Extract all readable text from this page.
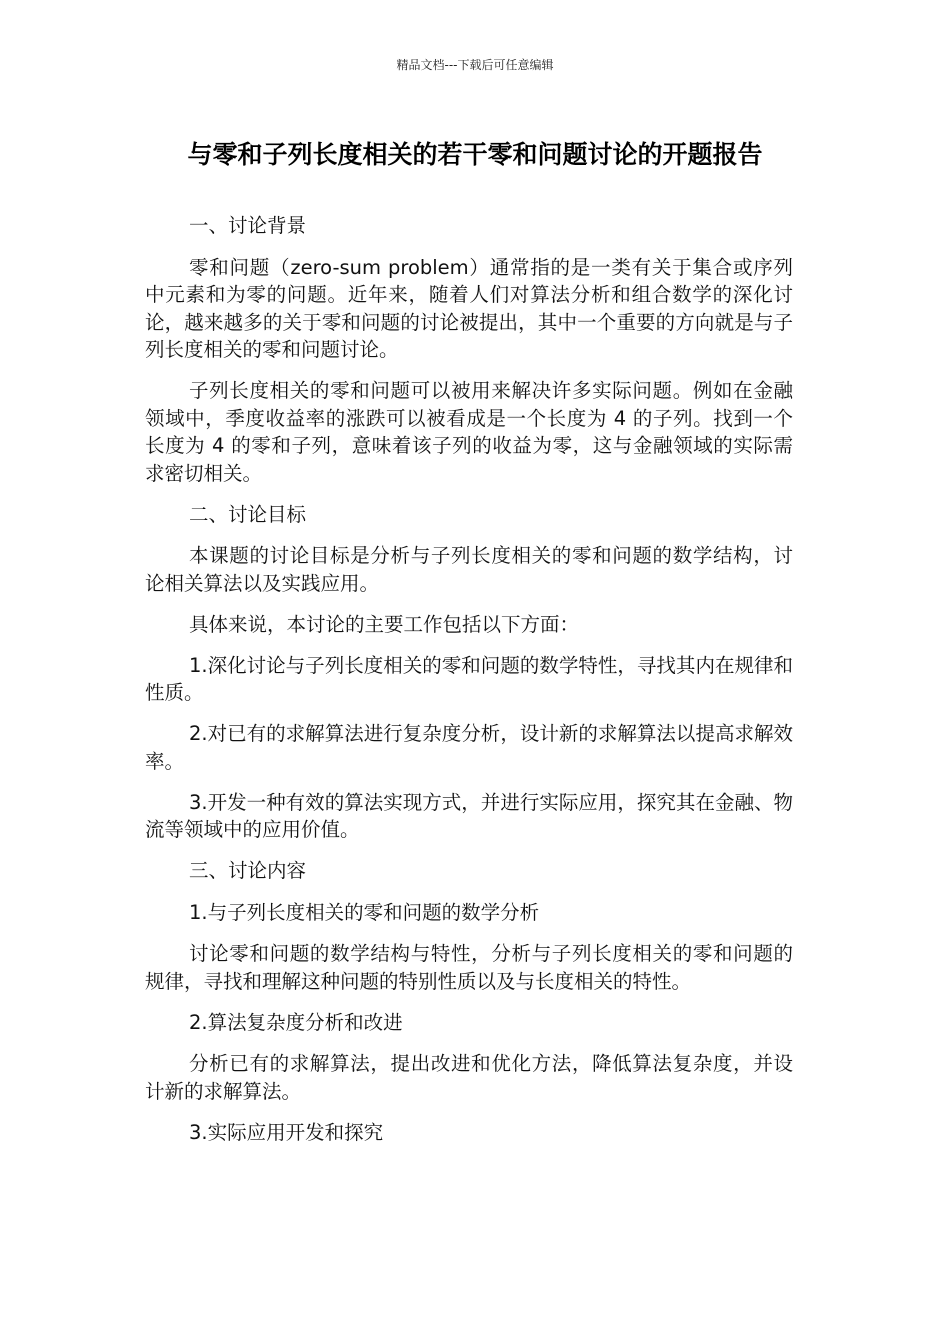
精品文档---下载后可任意编辑
与零和子列长度相关的若干零和问题讨论的开题报告

一、讨论背景

零和问题（zero-sum problem）通常指的是一类有关于集合或序列中元素和为零的问题。近年来，随着人们对算法分析和组合数学的深化讨论，越来越多的关于零和问题的讨论被提出，其中一个重要的方向就是与子列长度相关的零和问题讨论。

子列长度相关的零和问题可以被用来解决许多实际问题。例如在金融领域中，季度收益率的涨跌可以被看成是一个长度为 4 的子列。找到一个长度为 4 的零和子列，意味着该子列的收益为零，这与金融领域的实际需求密切相关。

二、讨论目标

本课题的讨论目标是分析与子列长度相关的零和问题的数学结构，讨论相关算法以及实践应用。

具体来说，本讨论的主要工作包括以下方面：

1.深化讨论与子列长度相关的零和问题的数学特性，寻找其内在规律和性质。

2.对已有的求解算法进行复杂度分析，设计新的求解算法以提高求解效率。

3.开发一种有效的算法实现方式，并进行实际应用，探究其在金融、物流等领域中的应用价值。

三、讨论内容

1.与子列长度相关的零和问题的数学分析

讨论零和问题的数学结构与特性，分析与子列长度相关的零和问题的规律，寻找和理解这种问题的特别性质以及与长度相关的特性。

2.算法复杂度分析和改进

分析已有的求解算法，提出改进和优化方法，降低算法复杂度，并设计新的求解算法。

3.实际应用开发和探究
